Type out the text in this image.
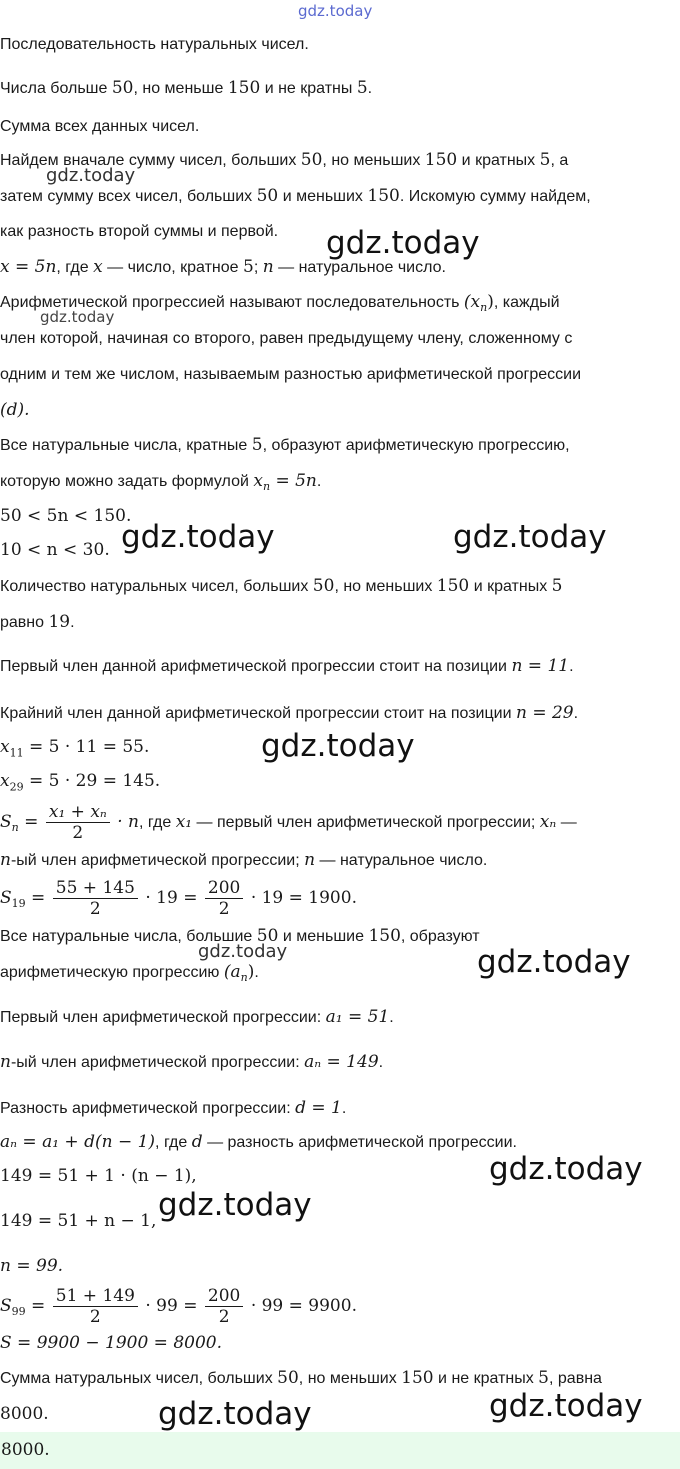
gdz.today
gdz.today
gdz.today
gdz.today
gdz.today	gdz.today
gdz.today
gdz.today	gdz.today
gdz.today
gdz.today
gdz.today
gdz.today
Последовательность натуральных чисел.
Числа больше 50, но меньше 150 и не кратны 5.
Сумма всех данных чисел.
Найдем вначале сумму чисел, больших 50, но меньших 150 и кратных 5, а
затем сумму всех чисел, больших 50 и меньших 150. Искомую сумму найдем,
как разность второй суммы и первой.
x = 5n, где x — число, кратное 5; n — натуральное число.
Арифметической прогрессией называют последовательность $(x_n)$, каждый
член которой, начиная со второго, равен предыдущему члену, сложенному с
одним и тем же числом, называемым разностью арифметической прогрессии
(d).
Все натуральные числа, кратные 5, образуют арифметическую прогрессию,
которую можно задать формулой $x_n = 5n$.
50 < 5n < 150.
10 < n < 30.
Количество натуральных чисел, больших 50, но меньших 150 и кратных 5
равно 19.
Первый член данной арифметической прогрессии стоит на позиции n = 11.
Крайний член данной арифметической прогрессии стоит на позиции n = 29.
$x_{11} = 5 \cdot 11 = 55$.
$x_{29} = 5 \cdot 29 = 145$.
$S_n = \frac{\text{x₁ + xₙ}}{2} \cdot n$, где x₁ — первый член арифметической прогрессии; xₙ —
n-ый член арифметической прогрессии; n — натуральное число.
$S_{19} = \frac{55 + 145}{2} \cdot 19 = \frac{200}{2} \cdot 19 = 1900$.
Все натуральные числа, большие 50 и меньшие 150, образуют
арифметическую прогрессию $(a_n)$.
Первый член арифметической прогрессии: a₁ = 51.
n-ый член арифметической прогрессии: aₙ = 149.
Разность арифметической прогрессии: d = 1.
aₙ = a₁ + d(n − 1), где d — разность арифметической прогрессии.
149 = 51 + 1 · (n − 1),
149 = 51 + n − 1,
n = 99.
$S_{99} = \frac{51 + 149}{2} \cdot 99 = \frac{200}{2} \cdot 99 = 9900$.
S = 9900 − 1900 = 8000.
Сумма натуральных чисел, больших 50, но меньших 150 и не кратных 5, равна
8000.
8000.
